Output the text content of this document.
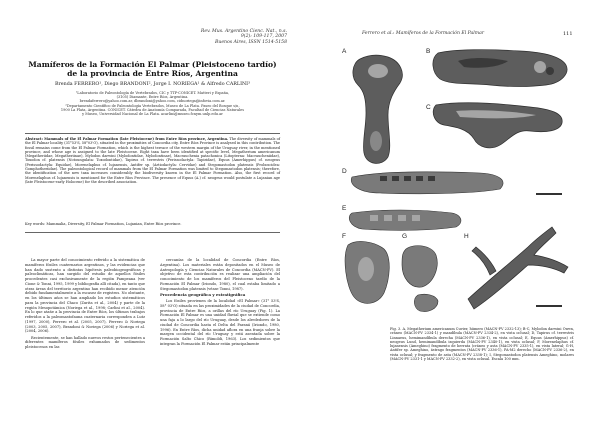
Rev. Mus. Argentino Cienc. Nat., n.s.
9(2): 109-117, 2007
Buenos Aires, ISSN 1514-5158
Mamíferos de la Formación El Palmar (Pleistoceno tardío) de la provincia de Entre Ríos, Argentina
Brenda FERRERO¹, Diego BRANDONI², Jorge I. NORIEGA¹ & Alfredo CARLINI³
¹Laboratorio de Paleontología de Vertebrados, CIC y TTP-CONICET. Matteri y España,
(3105) Diamante, Entre Ríos, Argentina.
brendaferrero@yahoo.com.ar, dbrandoni@yahoo.com, cidnoriega@infovia.com.ar.
²Departamento Científico de Paleontología Vertebrados, Museo de La Plata. Paseo del Bosque s/n,
1900 La Plata, Argentina. CONICET. Cátedra de Anatomía Comparada, Facultad de Ciencias Naturales
y Museo, Universidad Nacional de La Plata. acarlini@museo.fcnym.unlp.edu.ar
Abstract: Mammals of the El Palmar Formation (late Pleistocene) from Entre Ríos province, Argentina. The diversity of mammals of the El Palmar locality (31°53'S, 58°03'O), situated in the proximities of Concordia city, Entre Ríos Province is analysed in this contribution. The fossil remains come from the El Palmar Formation, which is the highest terrace of the western margin of the Uruguay river, in the mentioned province, and whose age is assigned to the late Pleistocene. Eight taxa have been identified at specific level, Megatherium americanum (Megatheriidae, Megatheriinae), Mylodon darwini (Mylodontidae, Mylodontinae), Macrauchenia patachonica (Litopterna: Macraucheniidae), Toxodon cf. platensis (Notoungulata: Toxodontidae), Tapirus cf. terrestris (Perissodactyla: Tapiridae), Equus (Amerhippus) cf. neogeus (Perissodactyla: Equidae), Morenelaphus cf. lujanensis, Antifer sp. (Artiodactyla: Cervidae) and Stegomastodon platensis (Proboscidea: Gomphotheriidae). The paleontological record of mammals from the El Palmar Formation was limited to Stegomastodon platensis; therefore, the identification of the new taxa increases considerably the biodiversity known in the El Palmar Formation. Also, the first record of Morenelaphus cf. lujanensis is mentioned for the Entre Ríos Province. The presence of Equus (A.) cf. neogeus would postulate a Lujanian age (late Pleistocene-early Holocene) for the described association.
Key words: Mammalia, Diversity, El Palmar Formation, Lujanian, Entre Ríos province.

La mayor parte del conocimiento referido a la sistemática de mamíferos fósiles cuaternarios argentinos, y las evidencias que han dado sustento a distintas hipótesis paleobiogeográficas y paleoclimáticas, han surgido del estudio de aquellos fósiles procedentes casi exclusivamente de la región Pampeana (ver Cione & Tonni, 1995, 1999 y bibliografía allí citada), en tanto que otras áreas del territorio argentino han recibido menor atención debido fundamentalmente a la escasez de registros. No obstante, en los últimos años se han ampliado los estudios sistemáticos para la provincia del Chaco (Zurita et al., 2004) y parte de la región Mesopotámica (Noriega et al., 1998; Carlini et al., 2004). En lo que atañe a la provincia de Entre Ríos, los últimos trabajos referidos a la paleomastofauna cuaternaria corresponden a Lutz (1997, 2000), Ferrero et al. (2005, 2007), Ferrero & Noriega (2003, 2005, 2007), Brandoni & Noriega (2006) y Noriega et al. (2004, 2006).

Recientemente, se han hallado nuevos restos pertenecientes a diferentes mamíferos fósiles exhumados de sedimentos pleistocenos en las

cercanías de la localidad de Concordia (Entre Ríos, Argentina). Los materiales están depositados en el Museo de Antropología y Ciencias Naturales de Concordia (MACN-PV). El objetivo de esta contribución es realizar una ampliación del conocimiento de los mamíferos del Pleistoceno tardío de la Formación El Palmar (Iriondo, 1980), el cual estaba limitado a Stegomastodon platensis (véase Tonni, 1987).

Procedencia geográfica y estratigráfica

Los fósiles provienen de la localidad «El Palmar» (31° 53'S, 58° 03'O) situada en las proximidades de la ciudad de Concordia, provincia de Entre Ríos, a orillas del río Uruguay (Fig. 1). La Formación El Palmar es una unidad fluvial que se extiende como una faja a lo largo del río Uruguay, desde los alrededores de la ciudad de Concordia hasta el Delta del Paraná (Iriondo, 1980, 1996). En Entre Ríos, dicha unidad aflora en una franja sobre la margen occidental del río Uruguay y está asentada sobre la Formación Salto Chico (Rimoldi, 1963). Los sedimientos que integran la Formación El Palmar están principalmente

Ferrero et al.: Mamíferos de la Formación El Palmar	111
A	B
C
D
E
F	G	H
Fig. 3. A, Megatherium americanum Cuvier, húmero (MACN-PV 2332-13); B-C, Mylodon darwini Owen, cráneo (MACN-PV 2334-1) y mandíbula (MACN-PV 2334-2), en vista oclusal; D, Tapirus cf. terrestris Linnaeus, hemimandíbula derecha (MACN-PV 2336-1), en vista oclusal; E, Equus (Amerhippus) cf. neogeus Lund, hemimandíbula izquierda (MACN-PV 2340-1), en vista oclusal; F, Morenelaphus cf. lujanensis (Ameghino) fragmento de herrata (cráneo y asta (MACN-PV 2335-1), en vista lateral; G-H, Antifer sp. Ameghino, ástrago fragmentos (MACN-PV 2336-1), PA-M2 derecho (MACN-PV 2336-2), en vista oclusal; y fragmento de asta (MACN-PV 2338-1); I, Stegomastodon platensis Ameghino, molares (MACN-PV 2331-1 y MACN-PV 2332-2), en vista oclusal. Escala 100 mm.
